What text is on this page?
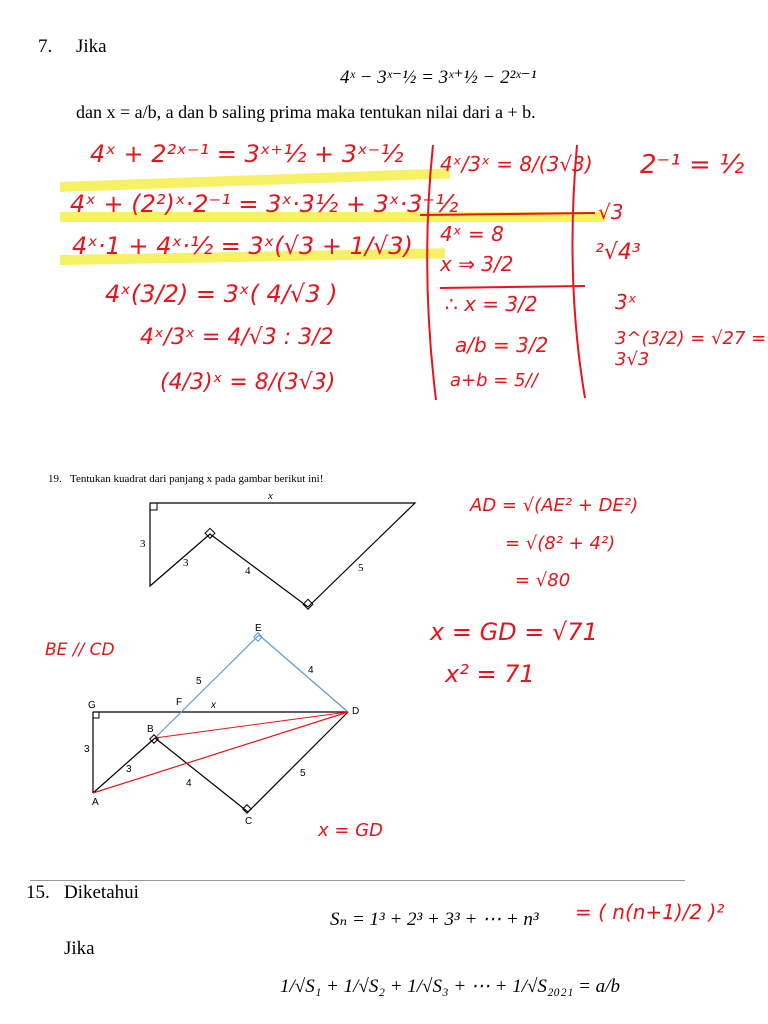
7. Jika
4ˣ − 3ˣ⁻½ = 3ˣ⁺½ − 2²ˣ⁻¹
dan x = a/b, a dan b saling prima maka tentukan nilai dari a + b.
4ˣ + 2²ˣ⁻¹ = 3ˣ⁺½ + 3ˣ⁻½
4ˣ + (2²)ˣ·2⁻¹ = 3ˣ·3½ + 3ˣ·3⁻½
4ˣ·1 + 4ˣ·½ = 3ˣ(√3 + 1/√3)
4ˣ(3/2) = 3ˣ( 4/√3 )
4ˣ/3ˣ = 4/√3 : 3/2
(4/3)ˣ = 8/(3√3)
4ˣ/3ˣ = 8/(3√3)
4ˣ = 8
x ⇒ 3/2
∴ x = 3/2
a/b = 3/2
a+b = 5//
2⁻¹ = ½
√3
²√4³
3ˣ
3^(3/2) = √27 = 3√3
19. Tentukan kuadrat dari panjang x pada gambar berikut ini!
x
3
3
4	5
E
F
G
D
B
A
C
x
5
4
3
3
4
5
AD = √(AE² + DE²)
= √(8² + 4²)
= √80
x = GD = √71
x² = 71
BE // CD
x = GD
15. Diketahui
Sₙ = 1³ + 2³ + 3³ + ⋯ + n³ = ( n(n+1)/2 )²
Jika
1/√S₁ + 1/√S₂ + 1/√S₃ + ⋯ + 1/√S₂₀₂₁ = a/b
